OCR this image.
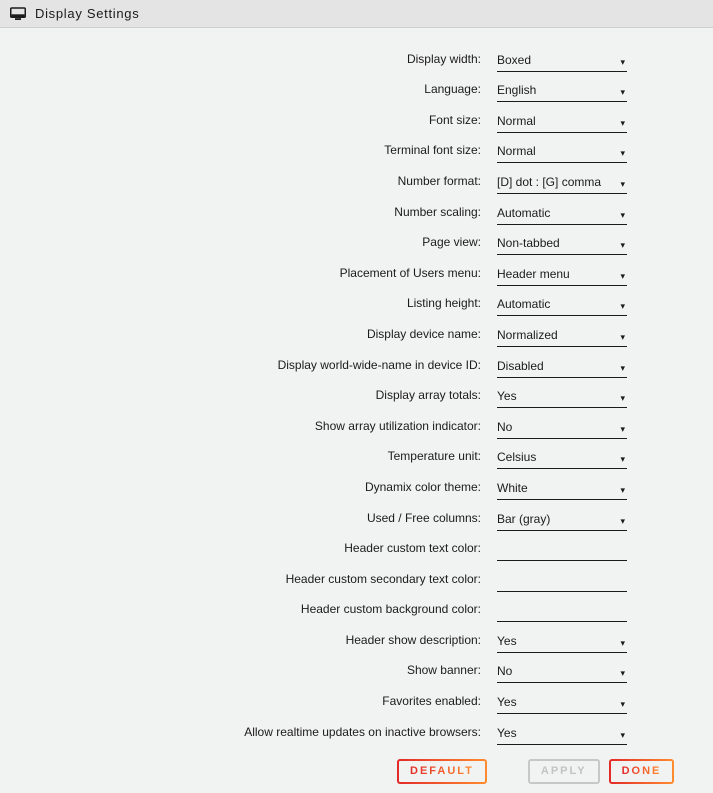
Display Settings
Display width: Boxed	▾
Language: English	▾
Font size: Normal	▾
Terminal font size: Normal	▾
Number format: [D] dot : [G] comma ▾
Number scaling: Automatic	▾
Page view: Non-tabbed	▾
Placement of Users menu: Header menu	▾
Listing height: Automatic	▾
Display device name: Normalized	▾
Display world-wide-name in device ID: Disabled	▾
Display array totals: Yes	▾
Show array utilization indicator: No	▾
Temperature unit: Celsius	▾
Dynamix color theme: White	▾
Used / Free columns: Bar (gray)	▾
Header custom text color:
Header custom secondary text color:
Header custom background color:
Header show description: Yes	▾
Show banner: No	▾
Favorites enabled: Yes	▾
Allow realtime updates on inactive browsers: Yes	▾
DEFAULT	APPLY	DONE
